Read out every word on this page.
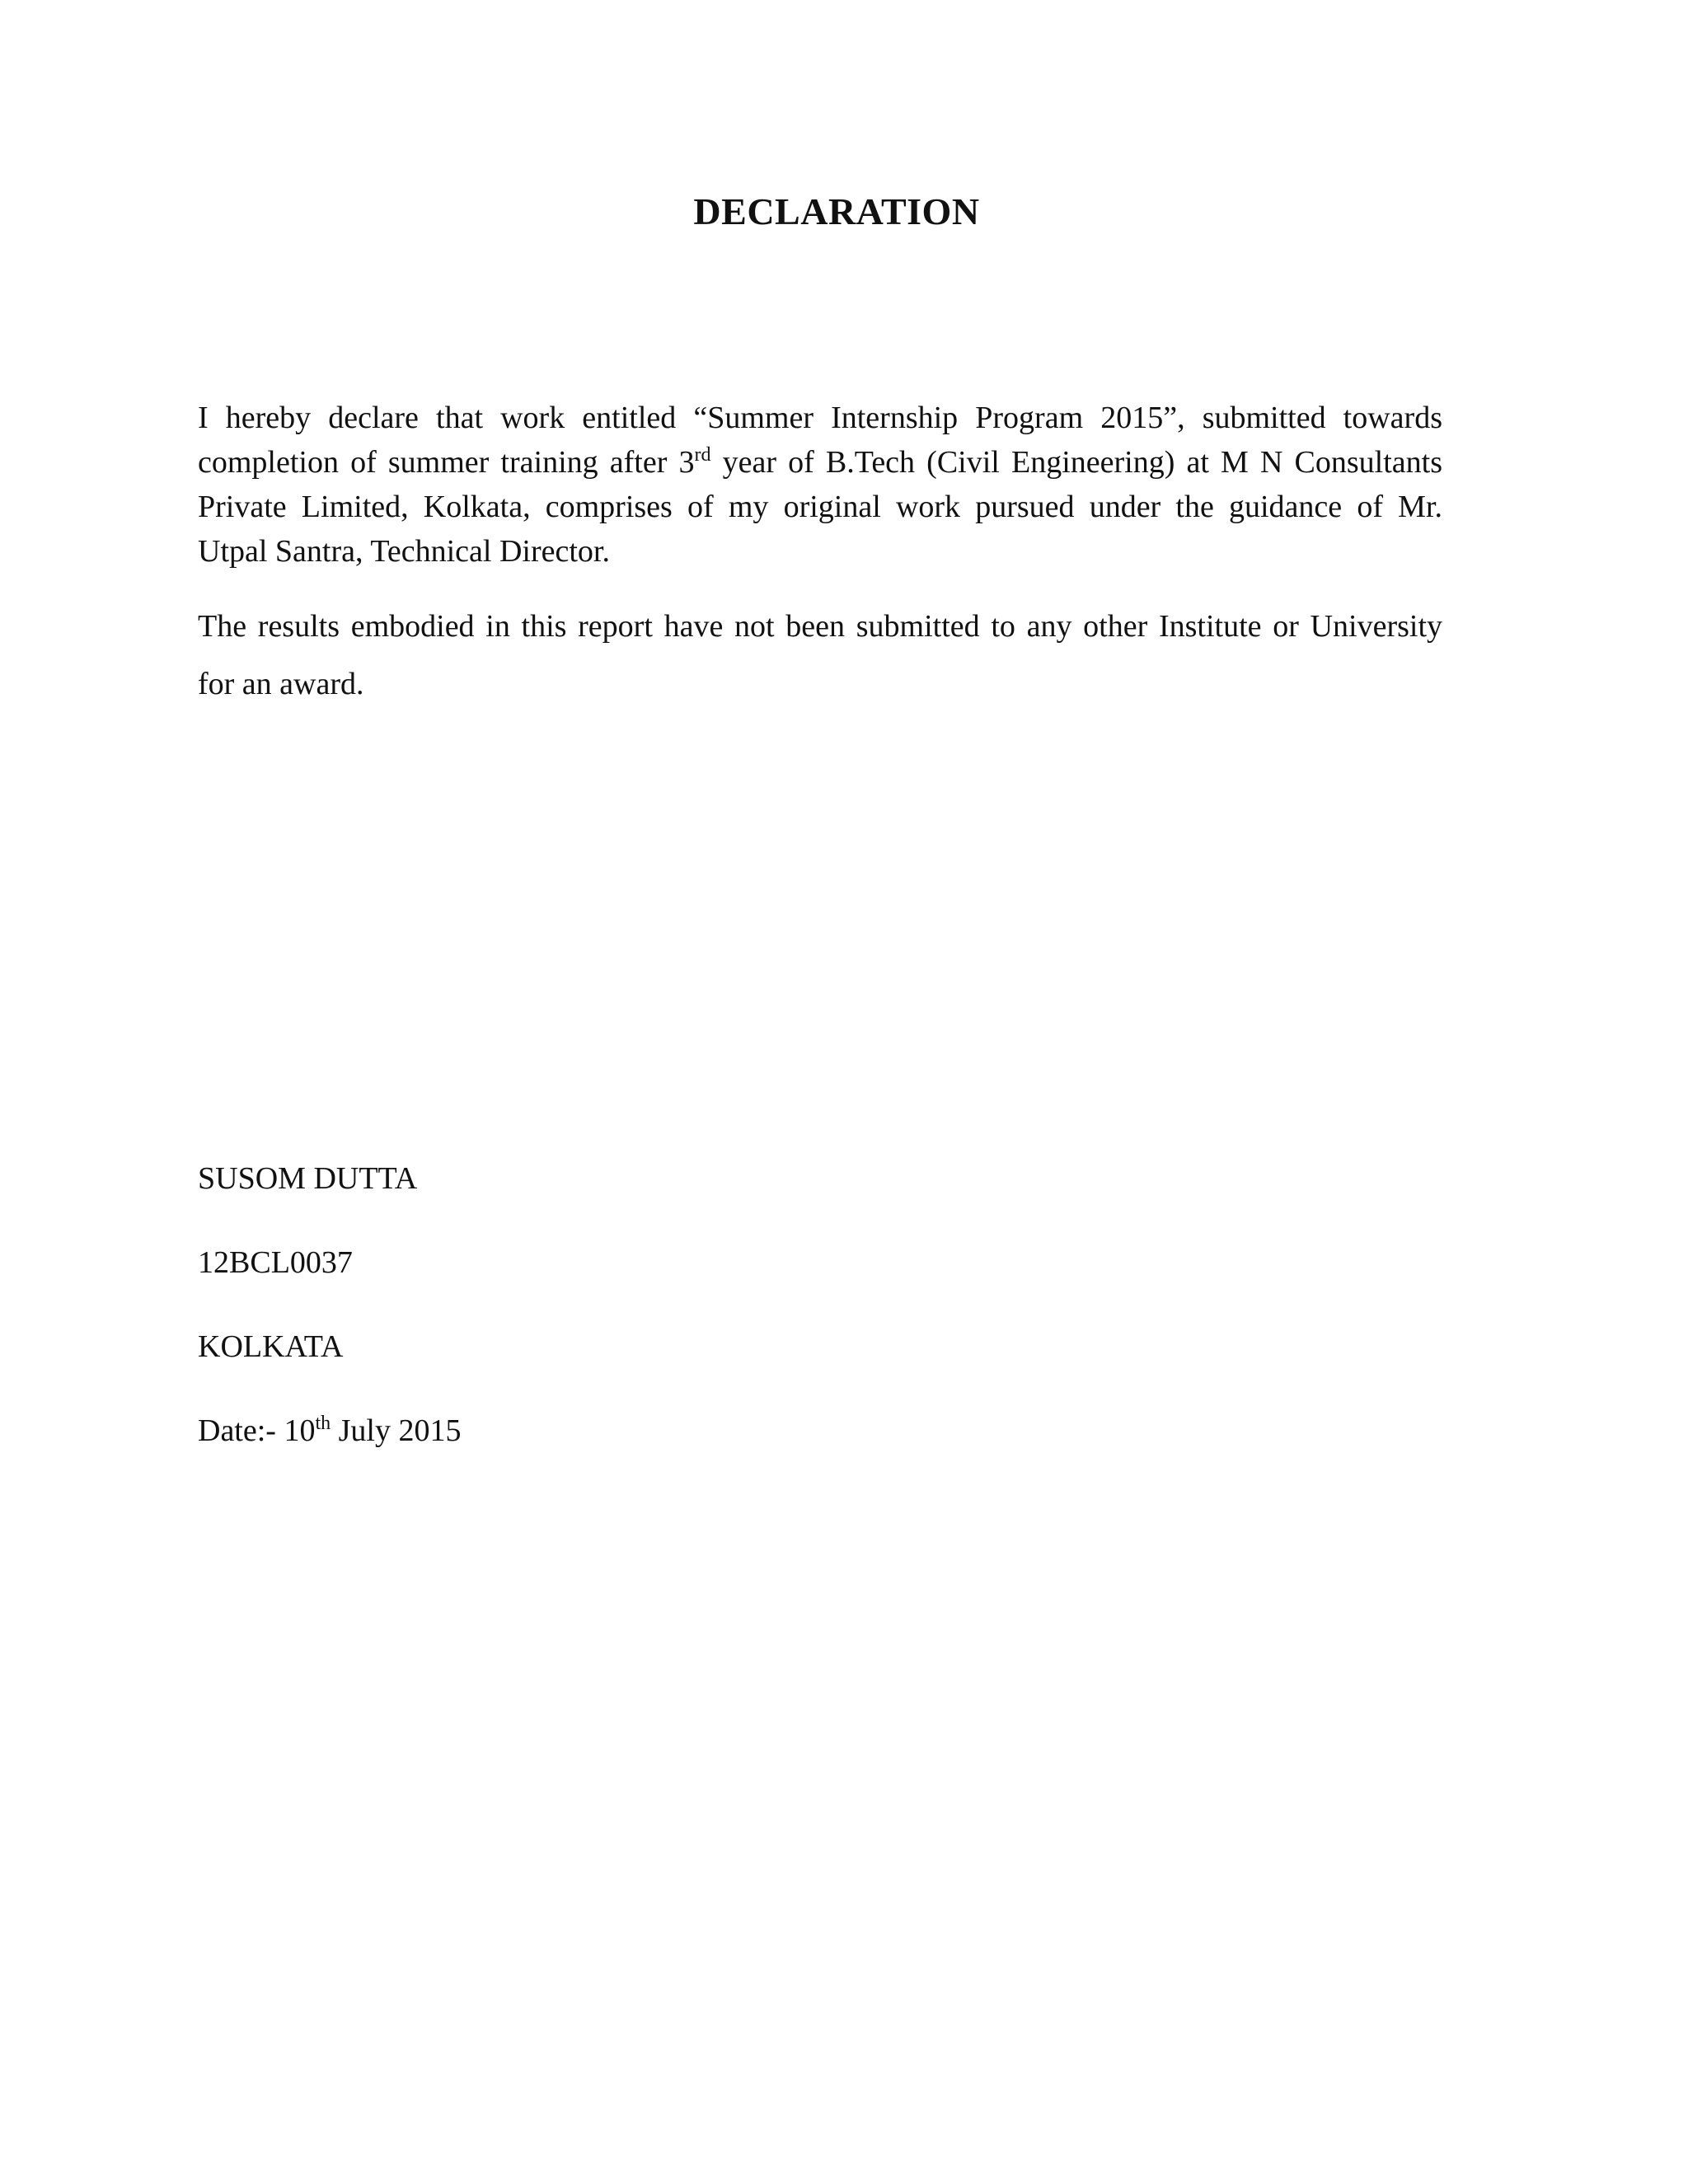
DECLARATION

I hereby declare that work entitled “Summer Internship Program 2015”, submitted towards
completion of summer training after 3rd year of B.Tech (Civil Engineering) at M N Consultants
Private Limited, Kolkata, comprises of my original work pursued under the guidance of Mr.
Utpal Santra, Technical Director.

The results embodied in this report have not been submitted to any other Institute or University
for an award.

SUSOM DUTTA

12BCL0037

KOLKATA

Date:- 10th July 2015
